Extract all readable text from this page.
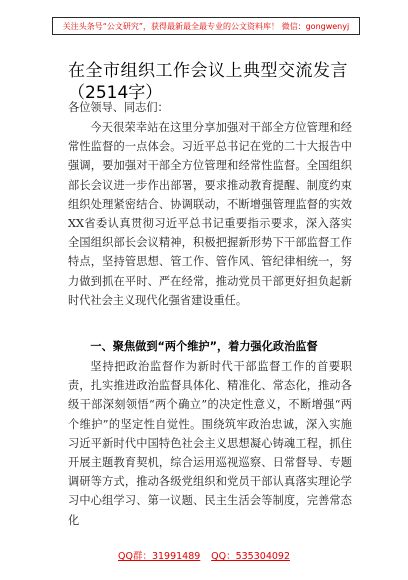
关注头条号“公文研究”，获得最新最全最专业的公文资料库！ 微信：gongwenyj
在全市组织工作会议上典型交流发言
（2514字）
各位领导、同志们：
今天很荣幸站在这里分享加强对干部全方位管理和经常性监督的一点体会。习近平总书记在党的二十大报告中强调，要加强对干部全方位管理和经常性监督。全国组织部长会议进一步作出部署，要求推动教育提醒、制度约束组织处理紧密结合、协调联动，不断增强管理监督的实效XX省委认真贯彻习近平总书记重要指示要求，深入落实全国组织部长会议精神，积极把握新形势下干部监督工作特点，坚持管思想、管工作、管作风、管纪律相统一，努力做到抓在平时、严在经常，推动党员干部更好担负起新时代社会主义现代化强省建设重任。
一、聚焦做到“两个维护”，着力强化政治监督
坚持把政治监督作为新时代干部监督工作的首要职责，扎实推进政治监督具体化、精准化、常态化，推动各级干部深刻领悟“两个确立”的决定性意义，不断增强“两个维护”的坚定性自觉性。围绕筑牢政治忠诚，深入实施习近平新时代中国特色社会主义思想凝心铸魂工程，抓住开展主题教育契机，综合运用巡视巡察、日常督导、专题调研等方式，推动各级党组织和党员干部认真落实理论学习中心组学习、第一议题、民主生活会等制度，完善常态化
QQ群：31991489 QQ：535304092
